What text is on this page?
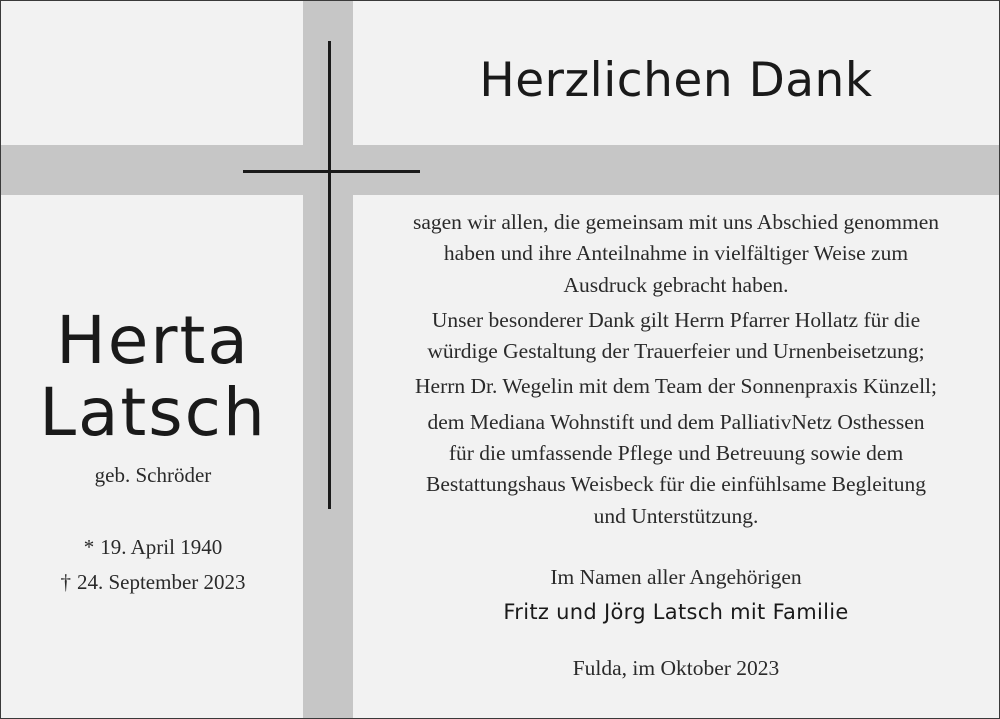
Herzlichen Dank
Herta
Latsch
geb. Schröder
* 19. April 1940
† 24. September 2023
sagen wir allen, die gemeinsam mit uns Abschied genommen
haben und ihre Anteilnahme in vielfältiger Weise zum
Ausdruck gebracht haben.
Unser besonderer Dank gilt Herrn Pfarrer Hollatz für die
würdige Gestaltung der Trauerfeier und Urnenbeisetzung;
Herrn Dr. Wegelin mit dem Team der Sonnenpraxis Künzell;
dem Mediana Wohnstift und dem PalliativNetz Osthessen
für die umfassende Pflege und Betreuung sowie dem
Bestattungshaus Weisbeck für die einfühlsame Begleitung
und Unterstützung.
Im Namen aller Angehörigen
Fritz und Jörg Latsch mit Familie
Fulda, im Oktober 2023
